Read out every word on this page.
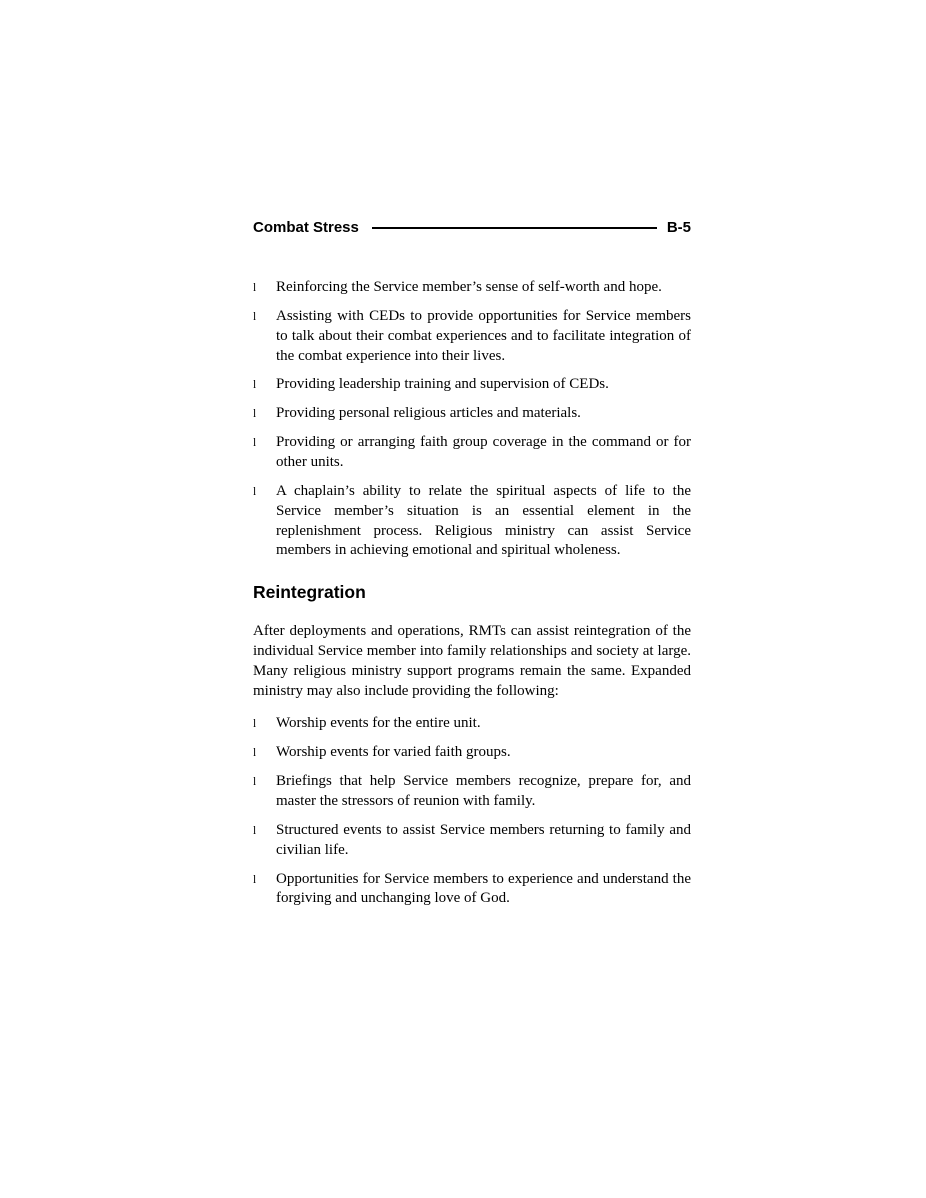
Combat Stress	B-5
l	Reinforcing the Service member’s sense of self-worth and hope.
l	Assisting with CEDs to provide opportunities for Service members to talk about their combat experiences and to facilitate integration of the combat experience into their lives.
l	Providing leadership training and supervision of CEDs.
l	Providing personal religious articles and materials.
l	Providing or arranging faith group coverage in the command or for other units.
l	A chaplain’s ability to relate the spiritual aspects of life to the Service member’s situation is an essential element in the replenishment process. Religious ministry can assist Service members in achieving emotional and spiritual wholeness.
Reintegration

After deployments and operations, RMTs can assist reintegration of the individual Service member into family relationships and society at large. Many religious ministry support programs remain the same. Expanded ministry may also include providing the following:

l	Worship events for the entire unit.
l	Worship events for varied faith groups.
l	Briefings that help Service members recognize, prepare for, and master the stressors of reunion with family.
l	Structured events to assist Service members returning to family and civilian life.
l	Opportunities for Service members to experience and understand the forgiving and unchanging love of God.
